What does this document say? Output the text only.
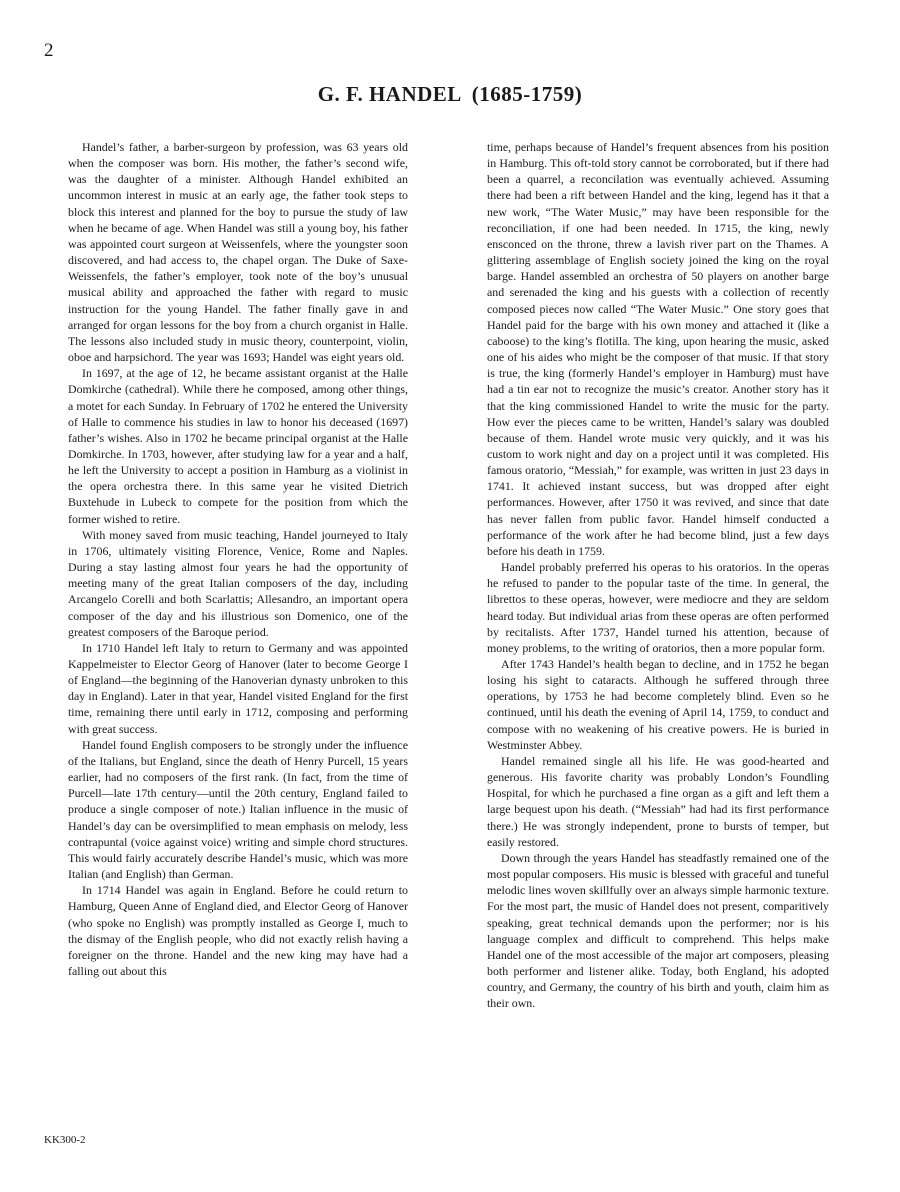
2
G. F. HANDEL (1685-1759)

Handel’s father, a barber-surgeon by profession, was 63 years old when the composer was born. His mother, the father’s second wife, was the daughter of a minister. Although Handel exhibited an uncommon interest in music at an early age, the father took steps to block this interest and planned for the boy to pursue the study of law when he became of age. When Handel was still a young boy, his father was appointed court surgeon at Weissenfels, where the youngster soon discovered, and had access to, the chapel organ. The Duke of Saxe-Weissenfels, the father’s employer, took note of the boy’s unusual musical ability and approached the father with regard to music instruction for the young Handel. The father finally gave in and arranged for organ lessons for the boy from a church organist in Halle. The lessons also included study in music theory, counterpoint, violin, oboe and harpsichord. The year was 1693; Handel was eight years old.

In 1697, at the age of 12, he became assistant organist at the Halle Domkirche (cathedral). While there he composed, among other things, a motet for each Sunday. In February of 1702 he entered the University of Halle to commence his studies in law to honor his deceased (1697) father’s wishes. Also in 1702 he became principal organist at the Halle Domkirche. In 1703, however, after studying law for a year and a half, he left the University to accept a position in Hamburg as a violinist in the opera orchestra there. In this same year he visited Dietrich Buxtehude in Lubeck to compete for the position from which the former wished to retire.

With money saved from music teaching, Handel journeyed to Italy in 1706, ultimately visiting Florence, Venice, Rome and Naples. During a stay lasting almost four years he had the opportunity of meeting many of the great Italian composers of the day, including Arcangelo Corelli and both Scarlattis; Allesandro, an important opera composer of the day and his illustrious son Domenico, one of the greatest composers of the Baroque period.

In 1710 Handel left Italy to return to Germany and was appointed Kappelmeister to Elector Georg of Hanover (later to become George I of England—the beginning of the Hanoverian dynasty unbroken to this day in England). Later in that year, Handel visited England for the first time, remaining there until early in 1712, composing and performing with great success.

Handel found English composers to be strongly under the influence of the Italians, but England, since the death of Henry Purcell, 15 years earlier, had no composers of the first rank. (In fact, from the time of Purcell—late 17th century—until the 20th century, England failed to produce a single composer of note.) Italian influence in the music of Handel’s day can be oversimplified to mean emphasis on melody, less contrapuntal (voice against voice) writing and simple chord structures. This would fairly accurately describe Handel’s music, which was more Italian (and English) than German.

In 1714 Handel was again in England. Before he could return to Hamburg, Queen Anne of England died, and Elector Georg of Hanover (who spoke no English) was promptly installed as George I, much to the dismay of the English people, who did not exactly relish having a foreigner on the throne. Handel and the new king may have had a falling out about this

time, perhaps because of Handel’s frequent absences from his position in Hamburg. This oft-told story cannot be corroborated, but if there had been a quarrel, a reconcilation was eventually achieved. Assuming there had been a rift between Handel and the king, legend has it that a new work, “The Water Music,” may have been responsible for the reconciliation, if one had been needed. In 1715, the king, newly ensconced on the throne, threw a lavish river part on the Thames. A glittering assemblage of English society joined the king on the royal barge. Handel assembled an orchestra of 50 players on another barge and serenaded the king and his guests with a collection of recently composed pieces now called “The Water Music.” One story goes that Handel paid for the barge with his own money and attached it (like a caboose) to the king’s flotilla. The king, upon hearing the music, asked one of his aides who might be the composer of that music. If that story is true, the king (formerly Handel’s employer in Hamburg) must have had a tin ear not to recognize the music’s creator. Another story has it that the king commissioned Handel to write the music for the party. How ever the pieces came to be written, Handel’s salary was doubled because of them. Handel wrote music very quickly, and it was his custom to work night and day on a project until it was completed. His famous oratorio, “Messiah,” for example, was written in just 23 days in 1741. It achieved instant success, but was dropped after eight performances. However, after 1750 it was revived, and since that date has never fallen from public favor. Handel himself conducted a performance of the work after he had become blind, just a few days before his death in 1759.

Handel probably preferred his operas to his oratorios. In the operas he refused to pander to the popular taste of the time. In general, the librettos to these operas, however, were mediocre and they are seldom heard today. But individual arias from these operas are often performed by recitalists. After 1737, Handel turned his attention, because of money problems, to the writing of oratorios, then a more popular form.

After 1743 Handel’s health began to decline, and in 1752 he began losing his sight to cataracts. Although he suffered through three operations, by 1753 he had become completely blind. Even so he continued, until his death the evening of April 14, 1759, to conduct and compose with no weakening of his creative powers. He is buried in Westminster Abbey.

Handel remained single all his life. He was good-hearted and generous. His favorite charity was probably London’s Foundling Hospital, for which he purchased a fine organ as a gift and left them a large bequest upon his death. (“Messiah” had had its first performance there.) He was strongly independent, prone to bursts of temper, but easily restored.

Down through the years Handel has steadfastly remained one of the most popular composers. His music is blessed with graceful and tuneful melodic lines woven skillfully over an always simple harmonic texture. For the most part, the music of Handel does not present, comparitively speaking, great technical demands upon the performer; nor is his language complex and difficult to comprehend. This helps make Handel one of the most accessible of the major art composers, pleasing both performer and listener alike. Today, both England, his adopted country, and Germany, the country of his birth and youth, claim him as their own.

KK300-2
